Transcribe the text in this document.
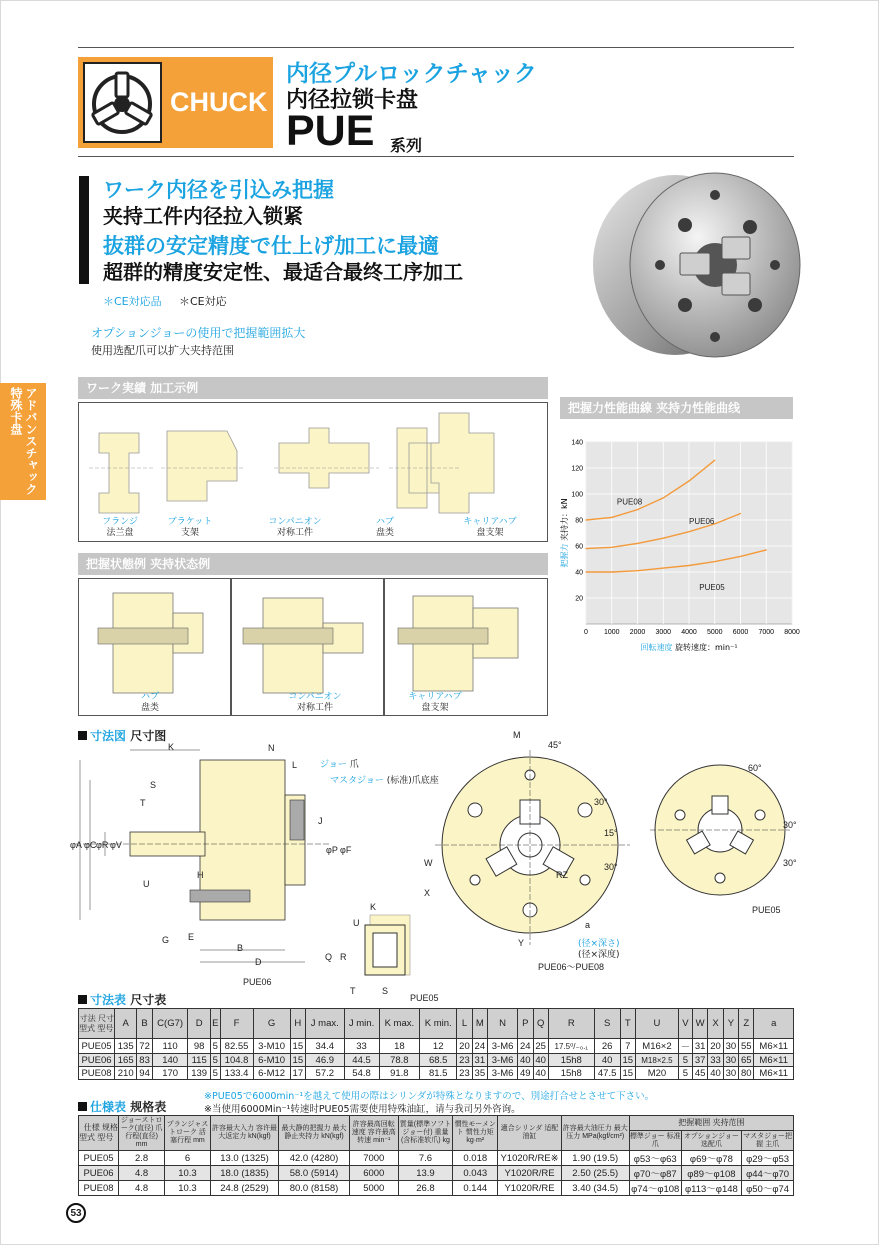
CHUCK
内径プルロックチャック
内径拉锁卡盘
PUE 系列
ワーク内径を引込み把握
夹持工件内径拉入锁紧
抜群の安定精度で仕上げ加工に最適
超群的精度安定性、最适合最终工序加工
＊CE対応品 ＊CE対応
オプションジョーの使用で把握範囲拡大
使用选配爪可以扩大夹持范围
アドバンスチャック 特殊卡盘	ワーク実績 加工示例
フランジ
法兰盘
ブラケット
支架
コンパニオン
对称工件
ハブ
盘类
キャリアハブ
盘支架
把握状態例 夹持状态例
ハブ
盘类
コンパニオン
对称工件
キャリアハブ
盘支架
把握力性能曲線 夹持力性能曲线
0 1000 2000 3000 4000 5000 6000 7000 8000
20
40
60
80
100
120
140
PUE08
PUE06
PUE05
回転速度 旋转速度：min⁻¹
把握力 夹持力：kN
寸法図 尺寸图
K	N
L
S
T
J
φA φC φR φV	φP φF
U
H
G E
B
D
ジョー 爪
マスタジョー (标准)爪底座
PUE06
PUE05
M
45°
30°
15°
30°
W
X
Y
RZ
a
(径×深さ)
(径×深度)
PUE06～PUE08
60°
30°
30°
PUE05
U
K
Q R
T	S
寸法表 尺寸表
寸法 尺寸
型式 型号	A	B	C(G7)	D	E	F	G	H	J max.	J min.	K max.	K min.	L	M	N	P	Q	R	S	T	U	V	W	X	Y	Z	a
PUE05	135	72	110	98	5	82.55	3-M10	15	34.4	33	18	12	20	24	3-M6	24	25	17.5⁰/₋₀.₁	26	7	M16×2	－	31	20	30	55	M6×11
PUE06	165	83	140	115	5	104.8	6-M10	15	46.9	44.5	78.8	68.5	23	31	3-M6	40	40	15h8	40	15	M18×2.5	5	37	33	30	65	M6×11
PUE08	210	94	170	139	5	133.4	6-M12	17	57.2	54.8	91.8	81.5	23	35	3-M6	49	40	15h8	47.5	15	M20	5	45	40	30	80	M6×11
※PUE05で6000min⁻¹を越えて使用の際はシリンダが特殊となりますので、別途打合せとさせて下さい。
※当使用6000Min⁻¹转速时PUE05需要使用特殊油缸，请与我司另外咨询。
仕様表 规格表
仕様 规格
型式 型号	ジョーストローク(直径) 爪行程(直径) mm	プランジャストローク 活塞行程 mm	許容最大入力 容许最大返定力 kN(kgf)	最大静的把握力 最大静止夹持力 kN(kgf)	許容最高回転速度 容许最高转速 min⁻¹	質量(標準ソフトジョー付) 重量(含标准软爪) kg	慣性モーメント 惯性力矩 kg·m²	適合シリンダ 适配油缸	許容最大油圧力 最大压力 MPa(kgf/cm²)	把握範囲 夹持范围		
										標準ジョー 标准爪	オプションジョー 选配爪	マスタジョー把握 主爪
PUE05	2.8	6	13.0 (1325)	42.0 (4280)	7000	7.6	0.018	Y1020R/RE※	1.90 (19.5)	φ53～φ63	φ69～φ78	φ29～φ53
PUE06	4.8	10.3	18.0 (1835)	58.0 (5914)	6000	13.9	0.043	Y1020R/RE	2.50 (25.5)	φ70～φ87	φ89～φ108	φ44～φ70
PUE08	4.8	10.3	24.8 (2529)	80.0 (8158)	5000	26.8	0.144	Y1020R/RE	3.40 (34.5)	φ74～φ108	φ113～φ148	φ50～φ74
53
